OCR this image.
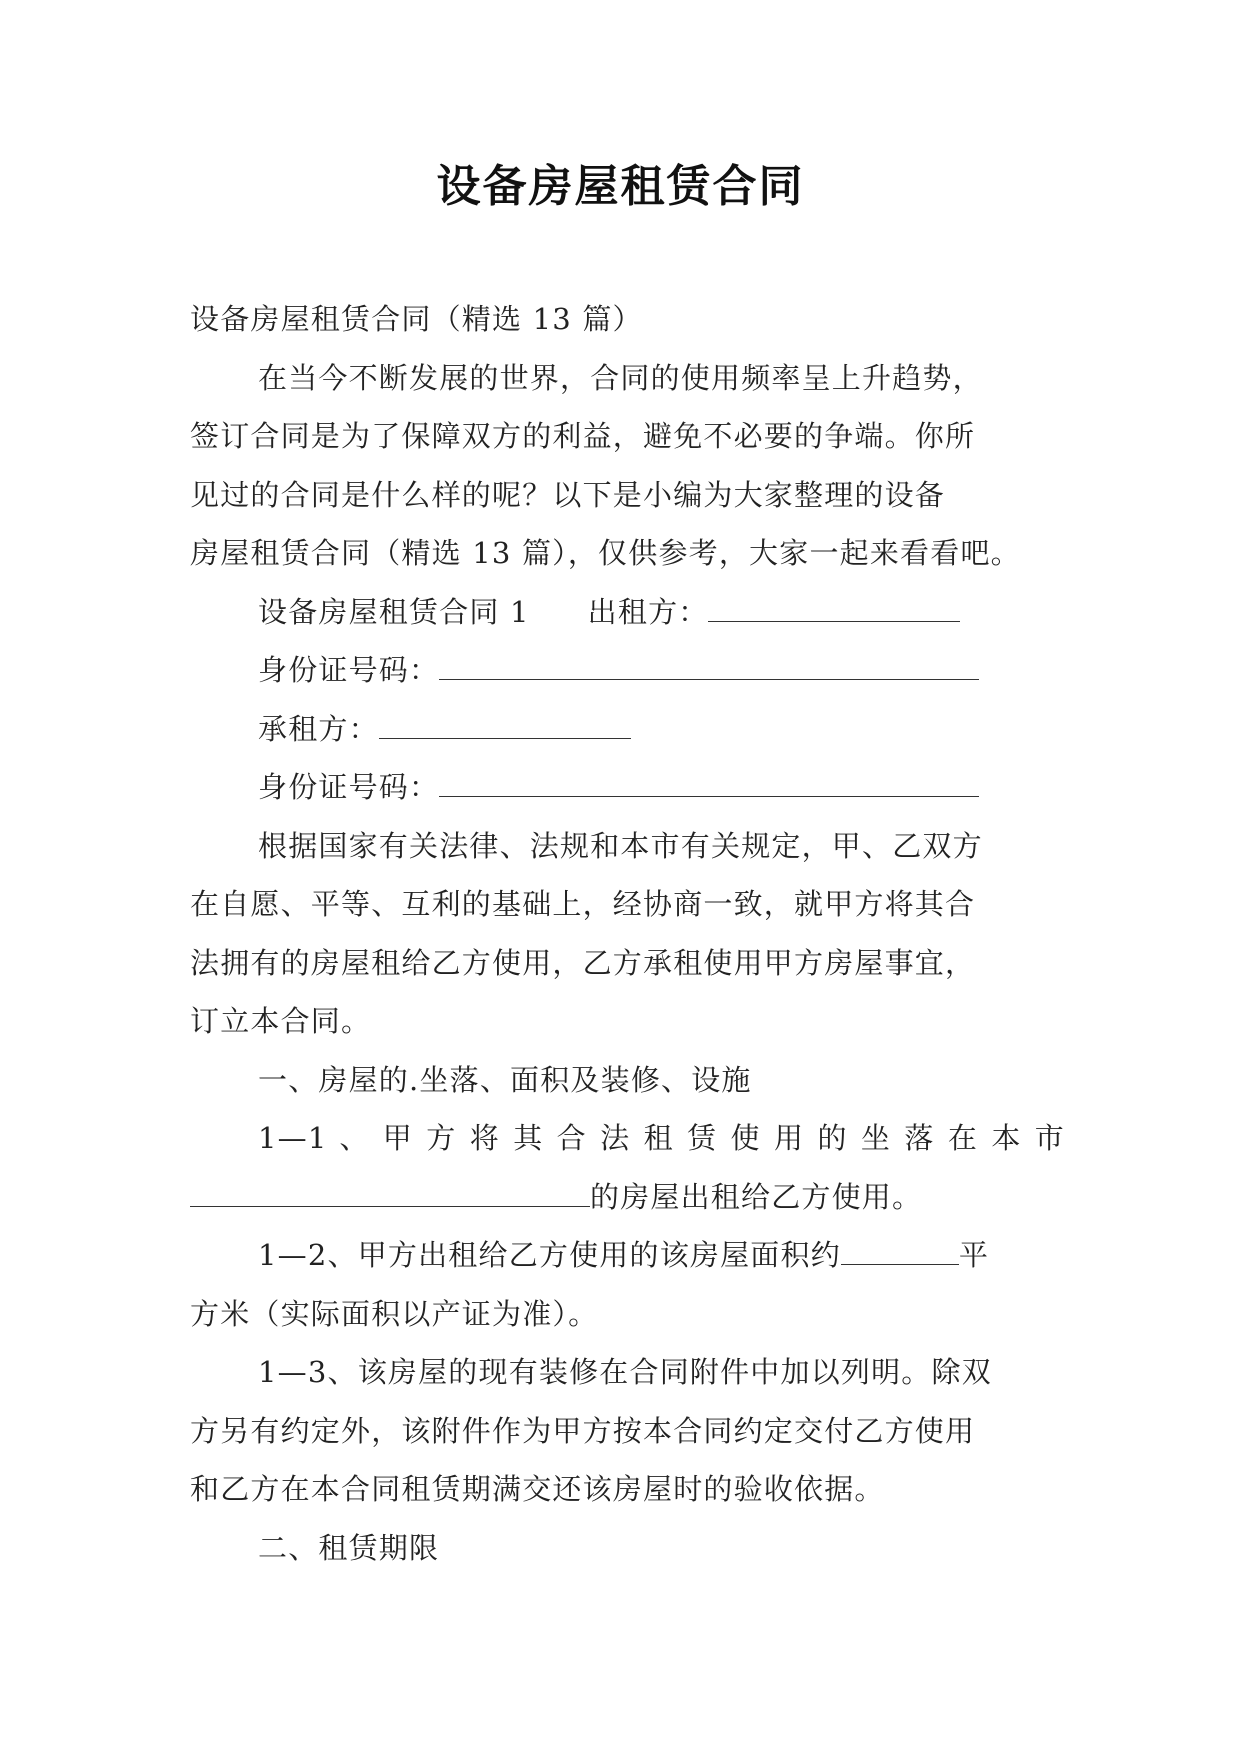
设备房屋租赁合同
设备房屋租赁合同（精选 13 篇）
在当今不断发展的世界，合同的使用频率呈上升趋势，
签订合同是为了保障双方的利益，避免不必要的争端。你所
见过的合同是什么样的呢？以下是小编为大家整理的设备
房屋租赁合同（精选 13 篇），仅供参考，大家一起来看看吧。
设备房屋租赁合同 1 出租方：
身份证号码：
承租方：
身份证号码：
根据国家有关法律、法规和本市有关规定，甲、乙双方
在自愿、平等、互利的基础上，经协商一致，就甲方将其合
法拥有的房屋租给乙方使用，乙方承租使用甲方房屋事宜，
订立本合同。
一、房屋的.坐落、面积及装修、设施
1—1 、 甲 方 将 其 合 法 租 赁 使 用 的 坐 落 在 本 市
的房屋出租给乙方使用。
1—2、甲方出租给乙方使用的该房屋面积约	平
方米（实际面积以产证为准）。
1—3、该房屋的现有装修在合同附件中加以列明。除双
方另有约定外，该附件作为甲方按本合同约定交付乙方使用
和乙方在本合同租赁期满交还该房屋时的验收依据。
二、租赁期限
